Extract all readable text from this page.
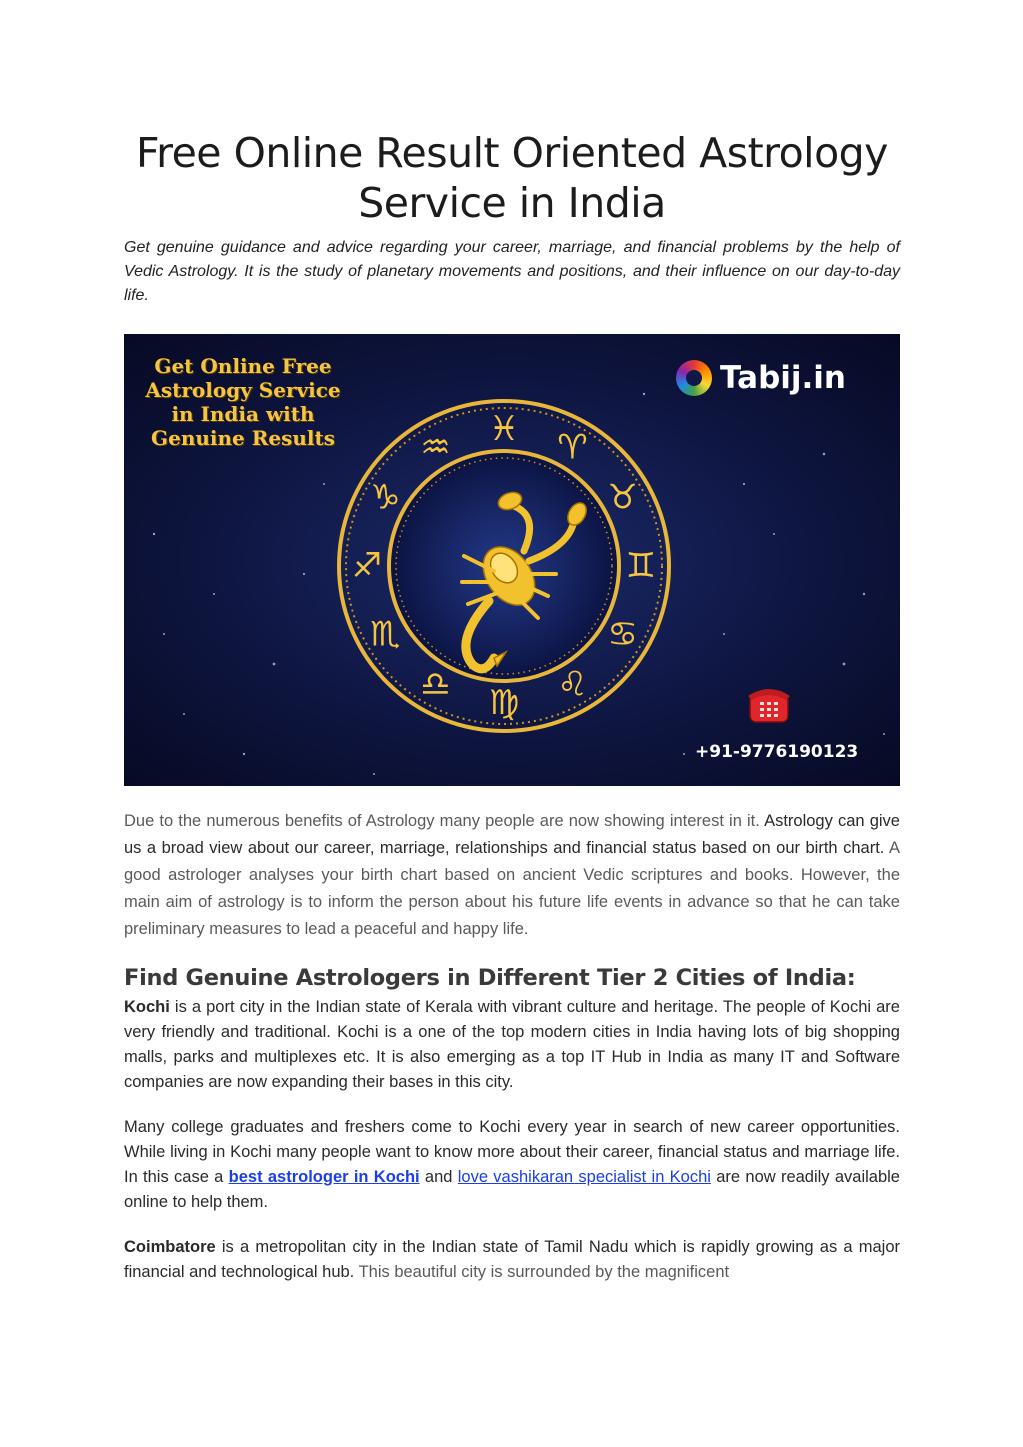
Free Online Result Oriented Astrology Service in India

Get genuine guidance and advice regarding your career, marriage, and financial problems by the help of Vedic Astrology. It is the study of planetary movements and positions, and their influence on our day-to-day life.

Get Online Free
Astrology Service
in India with
Genuine Results
Tabij.in
♈
♉
♊
♋
♌
♍
♎
♏
♐
♑
♒ ♓
+91-9776190123

Due to the numerous benefits of Astrology many people are now showing interest in it. Astrology can give us a broad view about our career, marriage, relationships and financial status based on our birth chart. A good astrologer analyses your birth chart based on ancient Vedic scriptures and books. However, the main aim of astrology is to inform the person about his future life events in advance so that he can take preliminary measures to lead a peaceful and happy life.

Find Genuine Astrologers in Different Tier 2 Cities of India:

Kochi is a port city in the Indian state of Kerala with vibrant culture and heritage. The people of Kochi are very friendly and traditional. Kochi is a one of the top modern cities in India having lots of big shopping malls, parks and multiplexes etc. It is also emerging as a top IT Hub in India as many IT and Software companies are now expanding their bases in this city.

Many college graduates and freshers come to Kochi every year in search of new career opportunities. While living in Kochi many people want to know more about their career, financial status and marriage life. In this case a best astrologer in Kochi and love vashikaran specialist in Kochi are now readily available online to help them.

Coimbatore is a metropolitan city in the Indian state of Tamil Nadu which is rapidly growing as a major financial and technological hub. This beautiful city is surrounded by the magnificent
